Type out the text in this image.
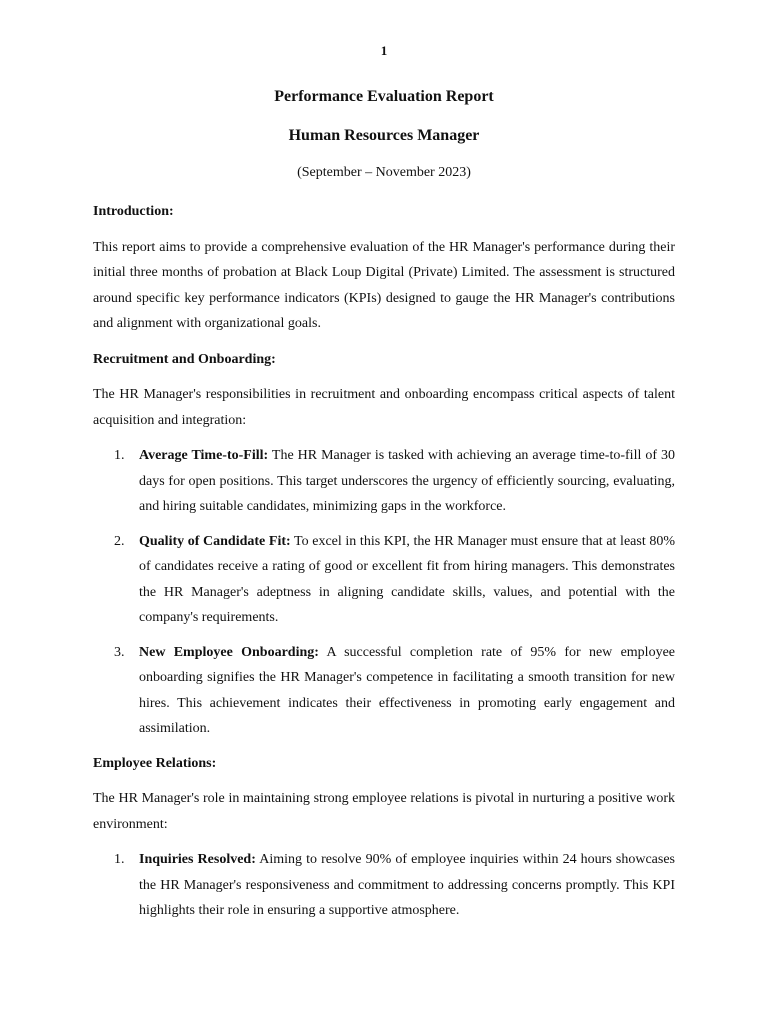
1
Performance Evaluation Report
Human Resources Manager
(September – November 2023)
Introduction:
This report aims to provide a comprehensive evaluation of the HR Manager's performance during their initial three months of probation at Black Loup Digital (Private) Limited. The assessment is structured around specific key performance indicators (KPIs) designed to gauge the HR Manager's contributions and alignment with organizational goals.
Recruitment and Onboarding:
The HR Manager's responsibilities in recruitment and onboarding encompass critical aspects of talent acquisition and integration:
1. Average Time-to-Fill: The HR Manager is tasked with achieving an average time-to-fill of 30 days for open positions. This target underscores the urgency of efficiently sourcing, evaluating, and hiring suitable candidates, minimizing gaps in the workforce.
2. Quality of Candidate Fit: To excel in this KPI, the HR Manager must ensure that at least 80% of candidates receive a rating of good or excellent fit from hiring managers. This demonstrates the HR Manager's adeptness in aligning candidate skills, values, and potential with the company's requirements.
3. New Employee Onboarding: A successful completion rate of 95% for new employee onboarding signifies the HR Manager's competence in facilitating a smooth transition for new hires. This achievement indicates their effectiveness in promoting early engagement and assimilation.
Employee Relations:
The HR Manager's role in maintaining strong employee relations is pivotal in nurturing a positive work environment:
1. Inquiries Resolved: Aiming to resolve 90% of employee inquiries within 24 hours showcases the HR Manager's responsiveness and commitment to addressing concerns promptly. This KPI highlights their role in ensuring a supportive atmosphere.
